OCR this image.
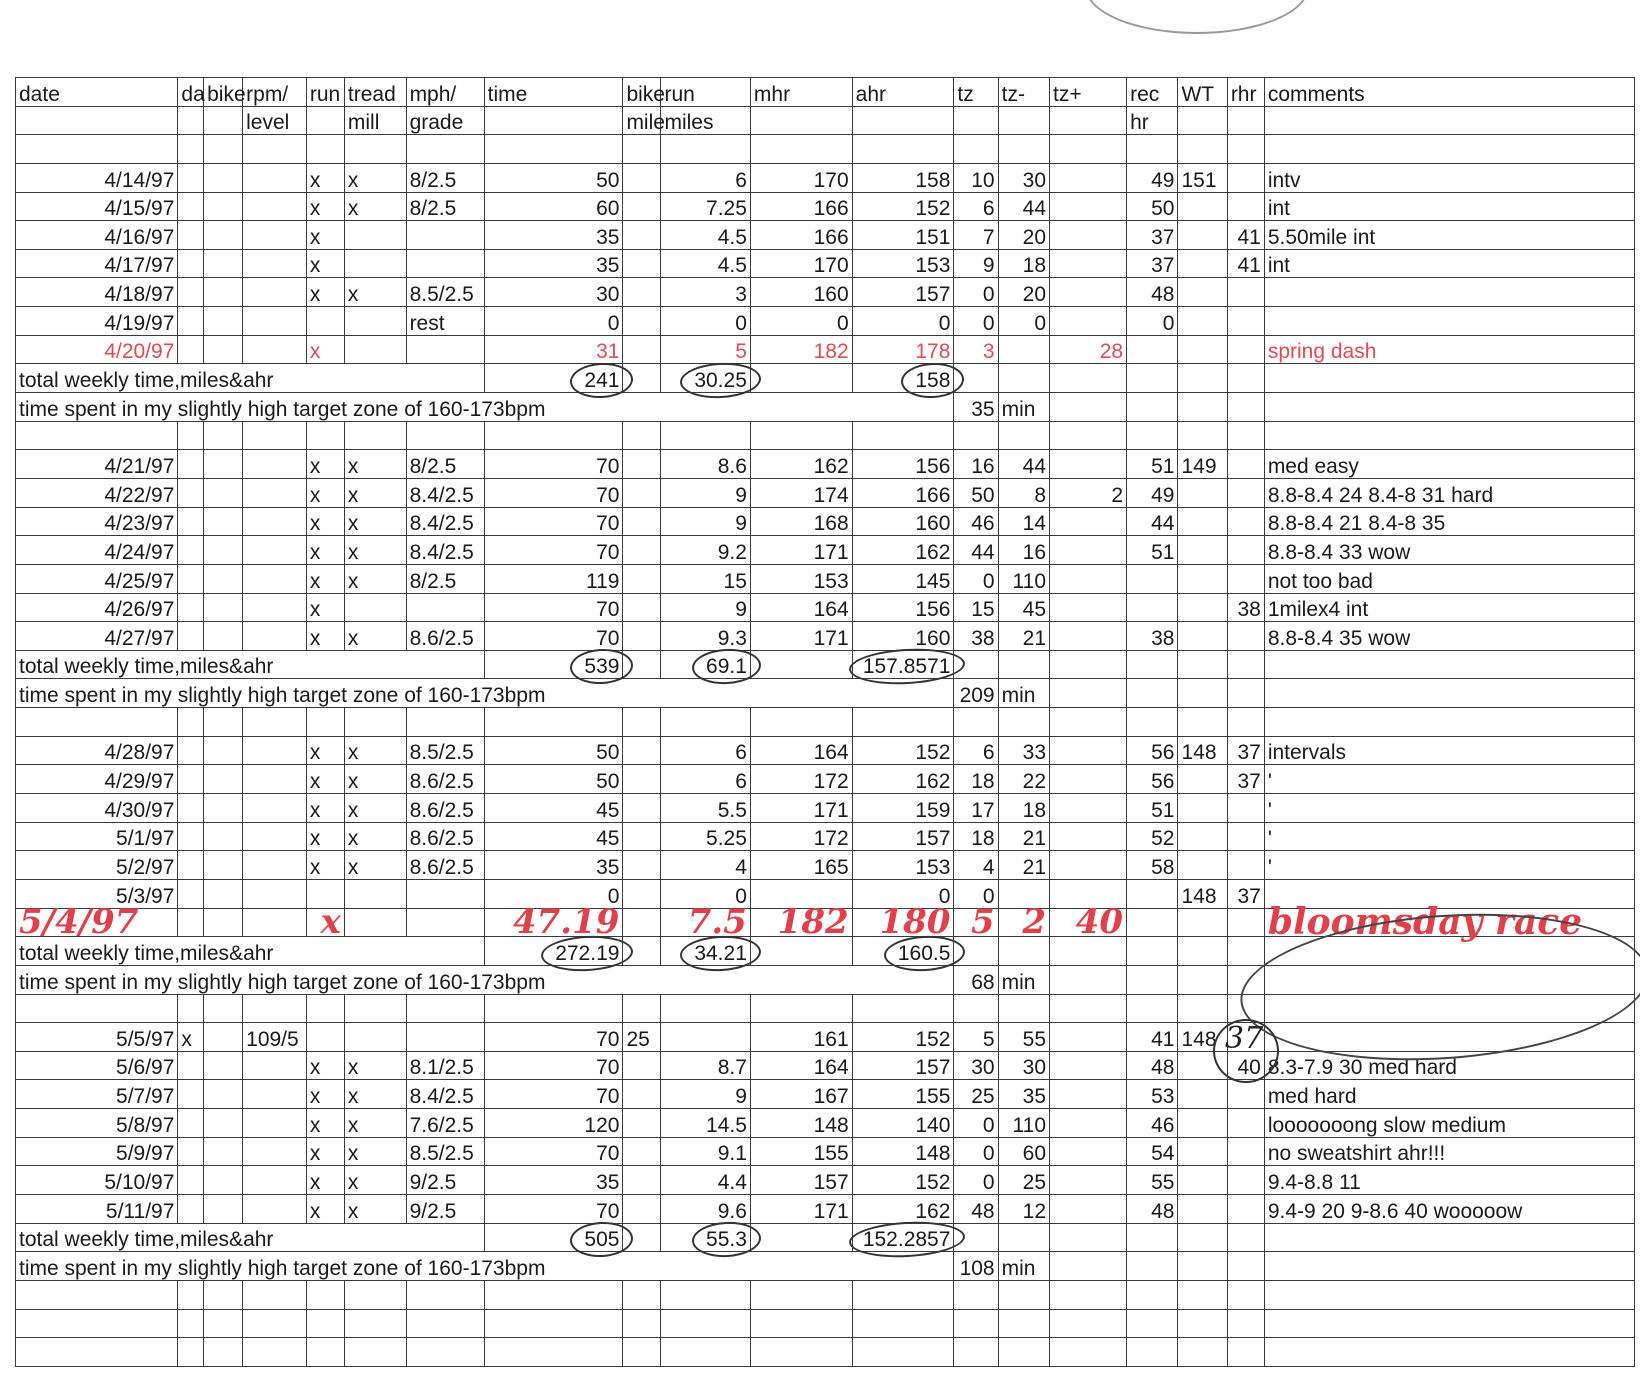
date	da	bike	rpm/	run	tread	mph/	time	bike	run	mhr	ahr	tz	tz-	tz+	rec	WT	rhr	comments
			level		mill	grade		mile	miles						hr			

4/14/97				x	x	8/2.5	50		6	170	158	10	30		49	151		intv
4/15/97				x	x	8/2.5	60		7.25	166	152	6	44		50			int
4/16/97				x			35		4.5	166	151	7	20		37		41	5.50mile int
4/17/97				x			35		4.5	170	153	9	18		37		41	int
4/18/97				x	x	8.5/2.5	30		3	160	157	0	20		48			
4/19/97						rest	0		0	0	0	0	0		0			
4/20/97				x			31		5	182	178	3		28				spring dash
total weekly time,miles&ahr							241		30.25		158							
time spent in my slightly high target zone of 160-173bpm												35	min					

4/21/97				x	x	8/2.5	70		8.6	162	156	16	44		51	149		med easy
4/22/97				x	x	8.4/2.5	70		9	174	166	50	8	2	49			8.8-8.4 24 8.4-8 31 hard
4/23/97				x	x	8.4/2.5	70		9	168	160	46	14		44			8.8-8.4 21 8.4-8 35
4/24/97				x	x	8.4/2.5	70		9.2	171	162	44	16		51			8.8-8.4 33 wow
4/25/97				x	x	8/2.5	119		15	153	145	0	110					not too bad
4/26/97				x			70		9	164	156	15	45				38	1milex4 int
4/27/97				x	x	8.6/2.5	70		9.3	171	160	38	21		38			8.8-8.4 35 wow
total weekly time,miles&ahr							539		69.1		157.8571							
time spent in my slightly high target zone of 160-173bpm												209	min					

4/28/97				x	x	8.5/2.5	50		6	164	152	6	33		56	148	37	intervals
4/29/97				x	x	8.6/2.5	50		6	172	162	18	22		56		37	'
4/30/97				x	x	8.6/2.5	45		5.5	171	159	17	18		51			'
5/1/97				x	x	8.6/2.5	45		5.25	172	157	18	21		52			'
5/2/97				x	x	8.6/2.5	35		4	165	153	4	21		58			'
5/3/97							0		0		0	0				148	37	
5/4/97				x			47.19		7.5	182	180	5	2	40				bloomsday race
total weekly time,miles&ahr							272.19		34.21		160.5							
time spent in my slightly high target zone of 160-173bpm												68	min					

5/5/97	x		109/5				70	25		161	152	5	55		41	148		
5/6/97				x	x	8.1/2.5	70		8.7	164	157	30	30		48		40	8.3-7.9 30 med hard
5/7/97				x	x	8.4/2.5	70		9	167	155	25	35		53			med hard
5/8/97				x	x	7.6/2.5	120		14.5	148	140	0	110		46			looooooong slow medium
5/9/97				x	x	8.5/2.5	70		9.1	155	148	0	60		54			no sweatshirt ahr!!!
5/10/97				x	x	9/2.5	35		4.4	157	152	0	25		55			9.4-8.8 11
5/11/97				x	x	9/2.5	70		9.6	171	162	48	12		48			9.4-9 20 9-8.6 40 wooooow
total weekly time,miles&ahr							505		55.3		152.2857							
time spent in my slightly high target zone of 160-173bpm												108	min					

37
